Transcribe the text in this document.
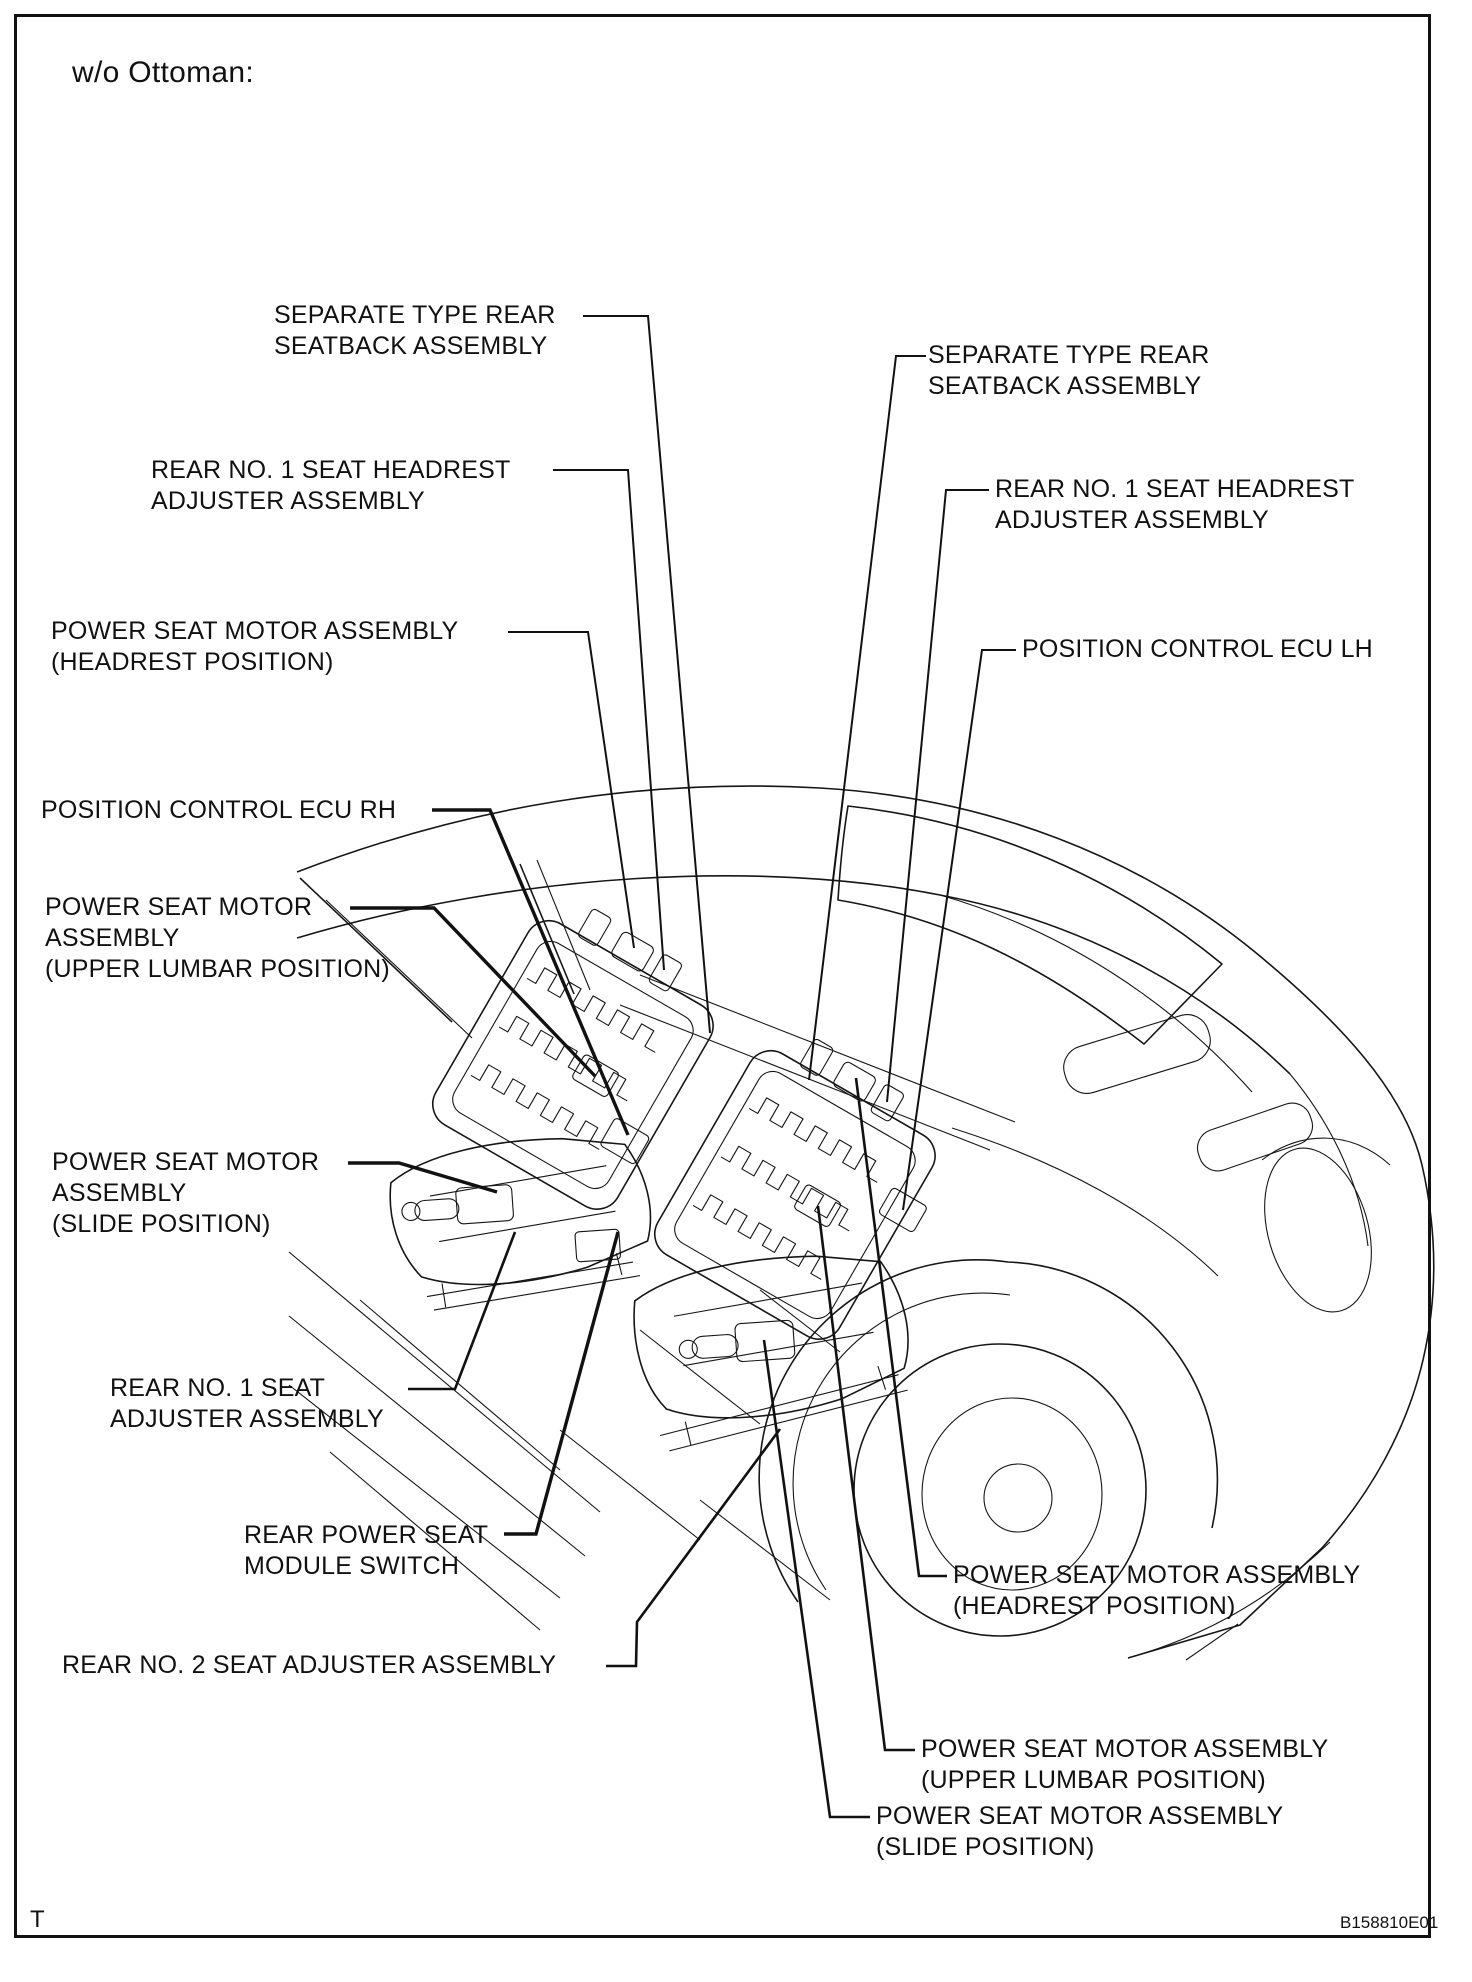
w/o Ottoman:
T	B158810E01
SEPARATE TYPE REAR
SEATBACK ASSEMBLY
REAR NO. 1 SEAT HEADREST
ADJUSTER ASSEMBLY
POWER SEAT MOTOR ASSEMBLY
(HEADREST POSITION)
POSITION CONTROL ECU RH
POWER SEAT MOTOR
ASSEMBLY
(UPPER LUMBAR POSITION)
POWER SEAT MOTOR
ASSEMBLY
(SLIDE POSITION)
REAR NO. 1 SEAT
ADJUSTER ASSEMBLY
REAR POWER SEAT
MODULE SWITCH
REAR NO. 2 SEAT ADJUSTER ASSEMBLY
SEPARATE TYPE REAR
SEATBACK ASSEMBLY
REAR NO. 1 SEAT HEADREST
ADJUSTER ASSEMBLY
POSITION CONTROL ECU LH
POWER SEAT MOTOR ASSEMBLY
(HEADREST POSITION)
POWER SEAT MOTOR ASSEMBLY
(UPPER LUMBAR POSITION)
POWER SEAT MOTOR ASSEMBLY
(SLIDE POSITION)
